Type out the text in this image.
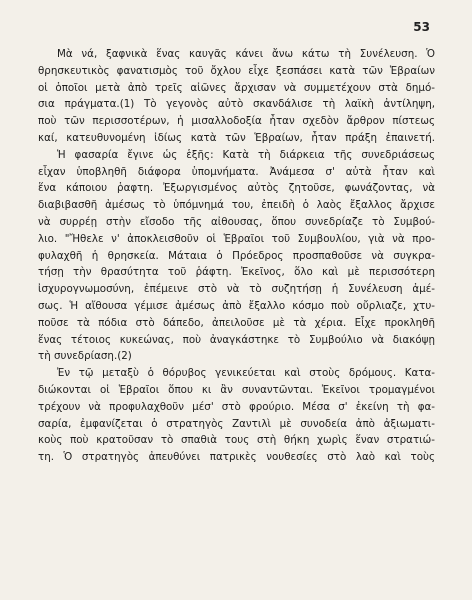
53

Μὰ νά, ξαφνικὰ ἕνας καυγᾶς κάνει ἄνω κάτω τὴ Συνέλευση. Ὁ
θρησκευτικὸς φανατισμὸς τοῦ ὄχλου εἶχε ξεσπάσει κατὰ τῶν Ἑβραίων
οἱ ὁποῖοι μετὰ ἀπὸ τρεῖς αἰῶνες ἄρχισαν νὰ συμμετέχουν στὰ δημό-
σια πράγματα.(1) Τὸ γεγονὸς αὐτὸ σκανδάλισε τὴ λαϊκὴ ἀντίληψη,
ποὺ τῶν περισσοτέρων, ἡ μισαλλοδοξία ἦταν σχεδὸν ἄρθρον πίστεως
καί, κατευθυνομένη ἰδίως κατὰ τῶν Ἑβραίων, ἦταν πράξη ἐπαινετή.

Ἡ φασαρία ἔγινε ὡς ἑξῆς: Κατὰ τὴ διάρκεια τῆς συνεδριάσεως
εἶχαν ὑποβληθῆ διάφορα ὑπομνήματα. Ἀνάμεσα σ' αὐτὰ ἦταν καὶ
ἕνα κάποιου ῥαφτη. Ἐξωργισμένος αὐτὸς ζητοῦσε, φωνάζοντας, νὰ
διαβιβασθῆ ἀμέσως τὸ ὑπόμνημά του, ἐπειδὴ ὁ λαὸς ἔξαλλος ἄρχισε
νὰ συρρέῃ στὴν εἴσοδο τῆς αἰθουσας, ὅπου συνεδρίαζε τὸ Συμβού-
λιο. "Ἤθελε ν' ἀποκλεισθοῦν οἱ Ἑβραῖοι τοῦ Συμβουλίου, γιὰ νὰ προ-
φυλαχθῆ ἡ θρησκεία. Μάταια ὁ Πρόεδρος προσπαθοῦσε νὰ συγκρα-
τήσῃ τὴν θρασύτητα τοῦ ῥάφτη. Ἐκεῖνος, ὅλο καὶ μὲ περισσότερη
ἰσχυρογνωμοσύνη, ἐπέμεινε στὸ νὰ τὸ συζητήσῃ ἡ Συνέλευση ἀμέ-
σως. Ἡ αἴθουσα γέμισε ἀμέσως ἀπὸ ἔξαλλο κόσμο ποὺ οὔρλιαζε, χτυ-
ποῦσε τὰ πόδια στὸ δάπεδο, ἀπειλοῦσε μὲ τὰ χέρια. Εἶχε προκληθῆ
ἕνας τέτοιος κυκεώνας, ποὺ ἀναγκάστηκε τὸ Συμβούλιο νὰ διακόψῃ
τὴ συνεδρίαση.(2)

Ἐν τῷ μεταξὺ ὁ θόρυβος γενικεύεται καὶ στοὺς δρόμους. Κατα-
διώκονται οἱ Ἑβραῖοι ὅπου κι ἂν συναντῶνται. Ἐκεῖνοι τρομαγμένοι
τρέχουν νὰ προφυλαχθοῦν μέσ' στὸ φρούριο. Μέσα σ' ἐκείνη τὴ φα-
σαρία, ἐμφανίζεται ὁ στρατηγὸς Ζαντιλὶ μὲ συνοδεία ἀπὸ ἀξιωματι-
κοὺς ποὺ κρατοῦσαν τὸ σπαθιὰ τους στὴ θήκη χωρὶς ἕναν στρατιώ-
τη. Ὁ στρατηγὸς ἀπευθύνει πατρικὲς νουθεσίες στὸ λαὸ καὶ τοὺς
